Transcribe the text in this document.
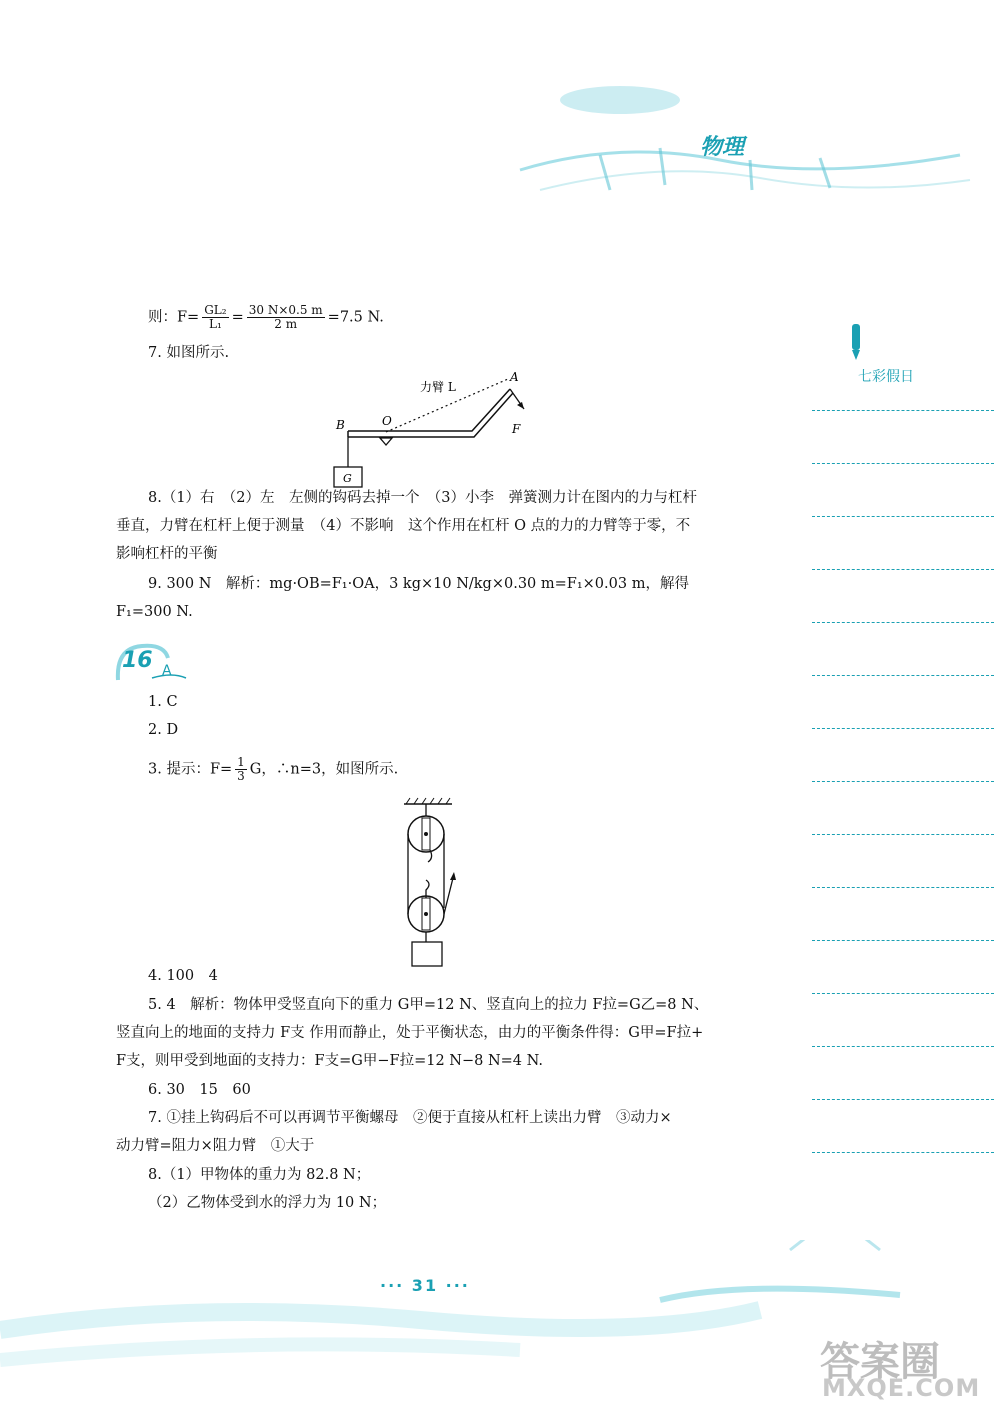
物理
七彩假日
则：$F= \frac{\text{GL₂}}{\text{L₁}} = \frac{30 N\times 0.5 m}{2 m} =7.5$ N.
7. 如图所示.
力臂 L
A
B	O
F
G
8.（1）右　（2）左　左侧的钩码去掉一个　（3）小李　弹簧测力计在图内的力与杠杆
垂直，力臂在杠杆上便于测量　（4）不影响　这个作用在杠杆 O 点的力的力臂等于零，不
影响杠杆的平衡
9. 300 N　解析：mg·OB=F₁·OA，3 kg×10 N/kg×0.30 m=F₁×0.03 m，解得
F₁=300 N.
16 A
1. C
2. D
3. 提示：$F= \frac{1}{3}$ G，∴n=3，如图所示.
4. 100　4
5. 4　解析：物体甲受竖直向下的重力 G甲=12 N、竖直向上的拉力 F拉=G乙=8 N、
竖直向上的地面的支持力 F支 作用而静止，处于平衡状态，由力的平衡条件得：G甲=F拉+
F支，则甲受到地面的支持力：F支=G甲−F拉=12 N−8 N=4 N.
6. 30　15　60
7. ①挂上钩码后不可以再调节平衡螺母　②便于直接从杠杆上读出力臂　③动力×
动力臂=阻力×阻力臂　①大于
8.（1）甲物体的重力为 82.8 N；
（2）乙物体受到水的浮力为 10 N；
··· 31 ···
答案圈
MXQE.COM
